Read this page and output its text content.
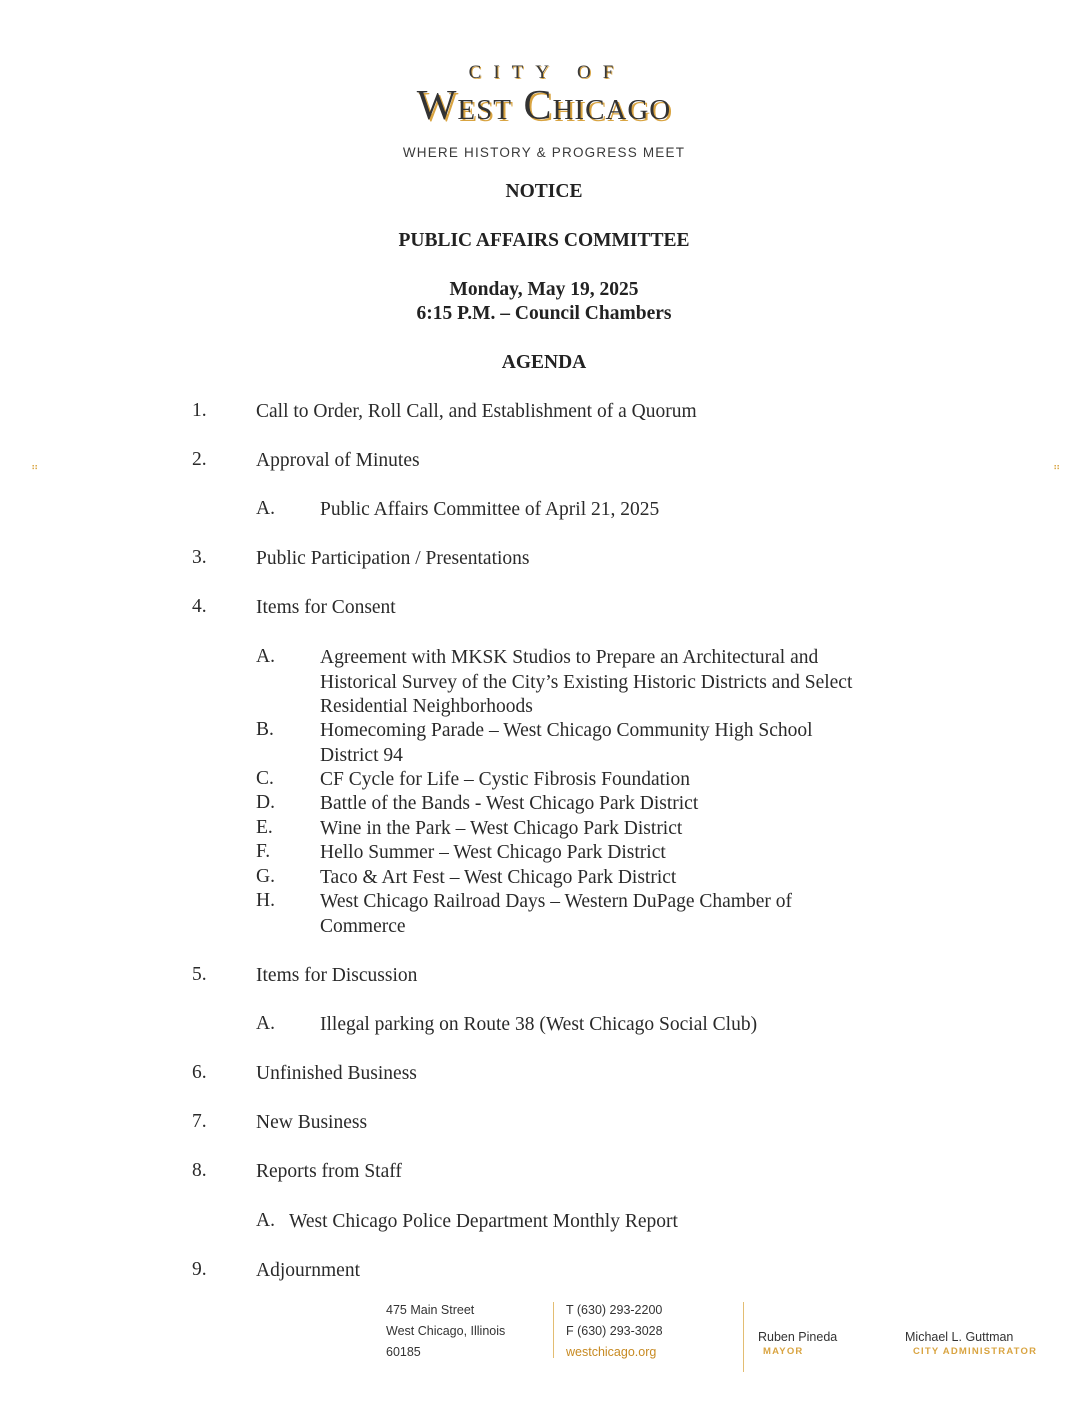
CITY OF
West Chicago
WHERE HISTORY & PROGRESS MEET
NOTICE
PUBLIC AFFAIRS COMMITTEE
Monday, May 19, 2025
6:15 P.M. – Council Chambers
AGENDA
⠶	⠶
1.	Call to Order, Roll Call, and Establishment of a Quorum
2.	Approval of Minutes
A. Public Affairs Committee of April 21, 2025
3.	Public Participation / Presentations
4.	Items for Consent
A. Agreement with MKSK Studios to Prepare an Architectural and Historical Survey of the City’s Existing Historic Districts and Select Residential Neighborhoods
B. Homecoming Parade – West Chicago Community High School District 94
C. CF Cycle for Life – Cystic Fibrosis Foundation
D. Battle of the Bands - West Chicago Park District
E. Wine in the Park – West Chicago Park District
F.	Hello Summer – West Chicago Park District
G. Taco & Art Fest – West Chicago Park District
H. West Chicago Railroad Days – Western DuPage Chamber of Commerce
5.	Items for Discussion
A. Illegal parking on Route 38 (West Chicago Social Club)
6.	Unfinished Business
7.	New Business
8.	Reports from Staff
A. West Chicago Police Department Monthly Report
9.	Adjournment
475 Main Street
West Chicago, Illinois
60185
T (630) 293-2200
F (630) 293-3028
westchicago.org
Ruben Pineda
MAYOR
Michael L. Guttman
CITY ADMINISTRATOR
